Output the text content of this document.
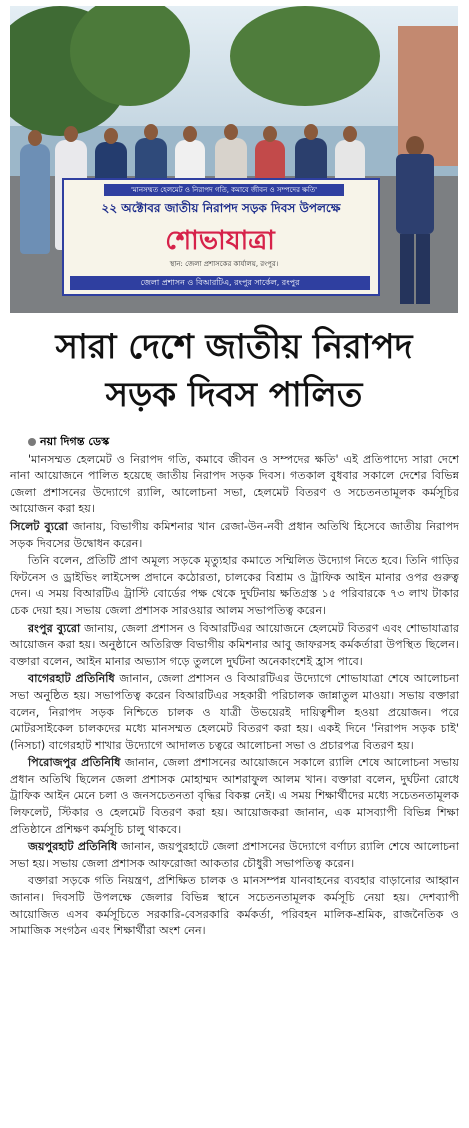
'মানসম্মত হেলমেট ও নিরাপদ গতি, কমাবে জীবন ও সম্পদের ক্ষতি'
২২ অক্টোবর জাতীয় নিরাপদ সড়ক দিবস উপলক্ষে
শোভাযাত্রা
স্থান: জেলা প্রশাসকের কার্যালয়, রংপুর।
জেলা প্রশাসন ও বিআরটিএ, রংপুর সার্কেল, রংপুর
সারা দেশে জাতীয় নিরাপদ
সড়ক দিবস পালিত

নয়া দিগন্ত ডেস্ক

'মানসম্মত হেলমেট ও নিরাপদ গতি, কমাবে জীবন ও সম্পদের ক্ষতি' এই প্রতিপাদ্যে সারা দেশে নানা আয়োজনে পালিত হয়েছে জাতীয় নিরাপদ সড়ক দিবস। গতকাল বুধবার সকালে দেশের বিভিন্ন জেলা প্রশাসনের উদ্যোগে র‍্যালি, আলোচনা সভা, হেলমেট বিতরণ ও সচেতনতামূলক কর্মসূচির আয়োজন করা হয়।

সিলেট ব্যুরো জানায়, বিভাগীয় কমিশনার খান রেজা-উন-নবী প্রধান অতিথি হিসেবে জাতীয় নিরাপদ সড়ক দিবসের উদ্বোধন করেন।

তিনি বলেন, প্রতিটি প্রাণ অমূল্য সড়কে মৃত্যুহার কমাতে সম্মিলিত উদ্যোগ নিতে হবে। তিনি গাড়ির ফিটনেস ও ড্রাইভিং লাইসেন্স প্রদানে কঠোরতা, চালকের বিশ্রাম ও ট্রাফিক আইন মানার ওপর গুরুত্ব দেন। এ সময় বিআরটিএ ট্রাস্টি বোর্ডের পক্ষ থেকে দুর্ঘটনায় ক্ষতিগ্রস্ত ১৫ পরিবারকে ৭৩ লাখ টাকার চেক দেয়া হয়। সভায় জেলা প্রশাসক সারওয়ার আলম সভাপতিত্ব করেন।

রংপুর ব্যুরো জানায়, জেলা প্রশাসন ও বিআরটিএর আয়োজনে হেলমেট বিতরণ এবং শোভাযাত্রার আয়োজন করা হয়। অনুষ্ঠানে অতিরিক্ত বিভাগীয় কমিশনার আবু জাফরসহ কর্মকর্তারা উপস্থিত ছিলেন। বক্তারা বলেন, আইন মানার অভ্যাস গড়ে তুললে দুর্ঘটনা অনেকাংশেই হ্রাস পাবে।

বাগেরহাট প্রতিনিধি জানান, জেলা প্রশাসন ও বিআরটিএর উদ্যোগে শোভাযাত্রা শেষে আলোচনা সভা অনুষ্ঠিত হয়। সভাপতিত্ব করেন বিআরটিএর সহকারী পরিচালক জান্নাতুল মাওয়া। সভায় বক্তারা বলেন, নিরাপদ সড়ক নিশ্চিতে চালক ও যাত্রী উভয়েরই দায়িত্বশীল হওয়া প্রয়োজন। পরে মোটরসাইকেল চালকদের মধ্যে মানসম্মত হেলমেট বিতরণ করা হয়। একই দিনে 'নিরাপদ সড়ক চাই' (নিসচা) বাগেরহাট শাখার উদ্যোগে আদালত চত্বরে আলোচনা সভা ও প্রচারপত্র বিতরণ হয়।

পিরোজপুর প্রতিনিধি জানান, জেলা প্রশাসনের আয়োজনে সকালে র‍্যালি শেষে আলোচনা সভায় প্রধান অতিথি ছিলেন জেলা প্রশাসক মোহাম্মদ আশরাফুল আলম খান। বক্তারা বলেন, দুর্ঘটনা রোধে ট্রাফিক আইন মেনে চলা ও জনসচেতনতা বৃদ্ধির বিকল্প নেই। এ সময় শিক্ষার্থীদের মধ্যে সচেতনতামূলক লিফলেট, স্টিকার ও হেলমেট বিতরণ করা হয়। আয়োজকরা জানান, এক মাসব্যাপী বিভিন্ন শিক্ষা প্রতিষ্ঠানে প্রশিক্ষণ কর্মসূচি চালু থাকবে।

জয়পুরহাট প্রতিনিধি জানান, জয়পুরহাটে জেলা প্রশাসনের উদ্যোগে বর্ণাঢ্য র‍্যালি শেষে আলোচনা সভা হয়। সভায় জেলা প্রশাসক আফরোজা আকতার চৌধুরী সভাপতিত্ব করেন।

বক্তারা সড়কে গতি নিয়ন্ত্রণ, প্রশিক্ষিত চালক ও মানসম্পন্ন যানবাহনের ব্যবহার বাড়ানোর আহ্বান জানান। দিবসটি উপলক্ষে জেলার বিভিন্ন স্থানে সচেতনতামূলক কর্মসূচি নেয়া হয়। দেশব্যাপী আয়োজিত এসব কর্মসূচিতে সরকারি-বেসরকারি কর্মকর্তা, পরিবহন মালিক-শ্রমিক, রাজনৈতিক ও সামাজিক সংগঠন এবং শিক্ষার্থীরা অংশ নেন।
